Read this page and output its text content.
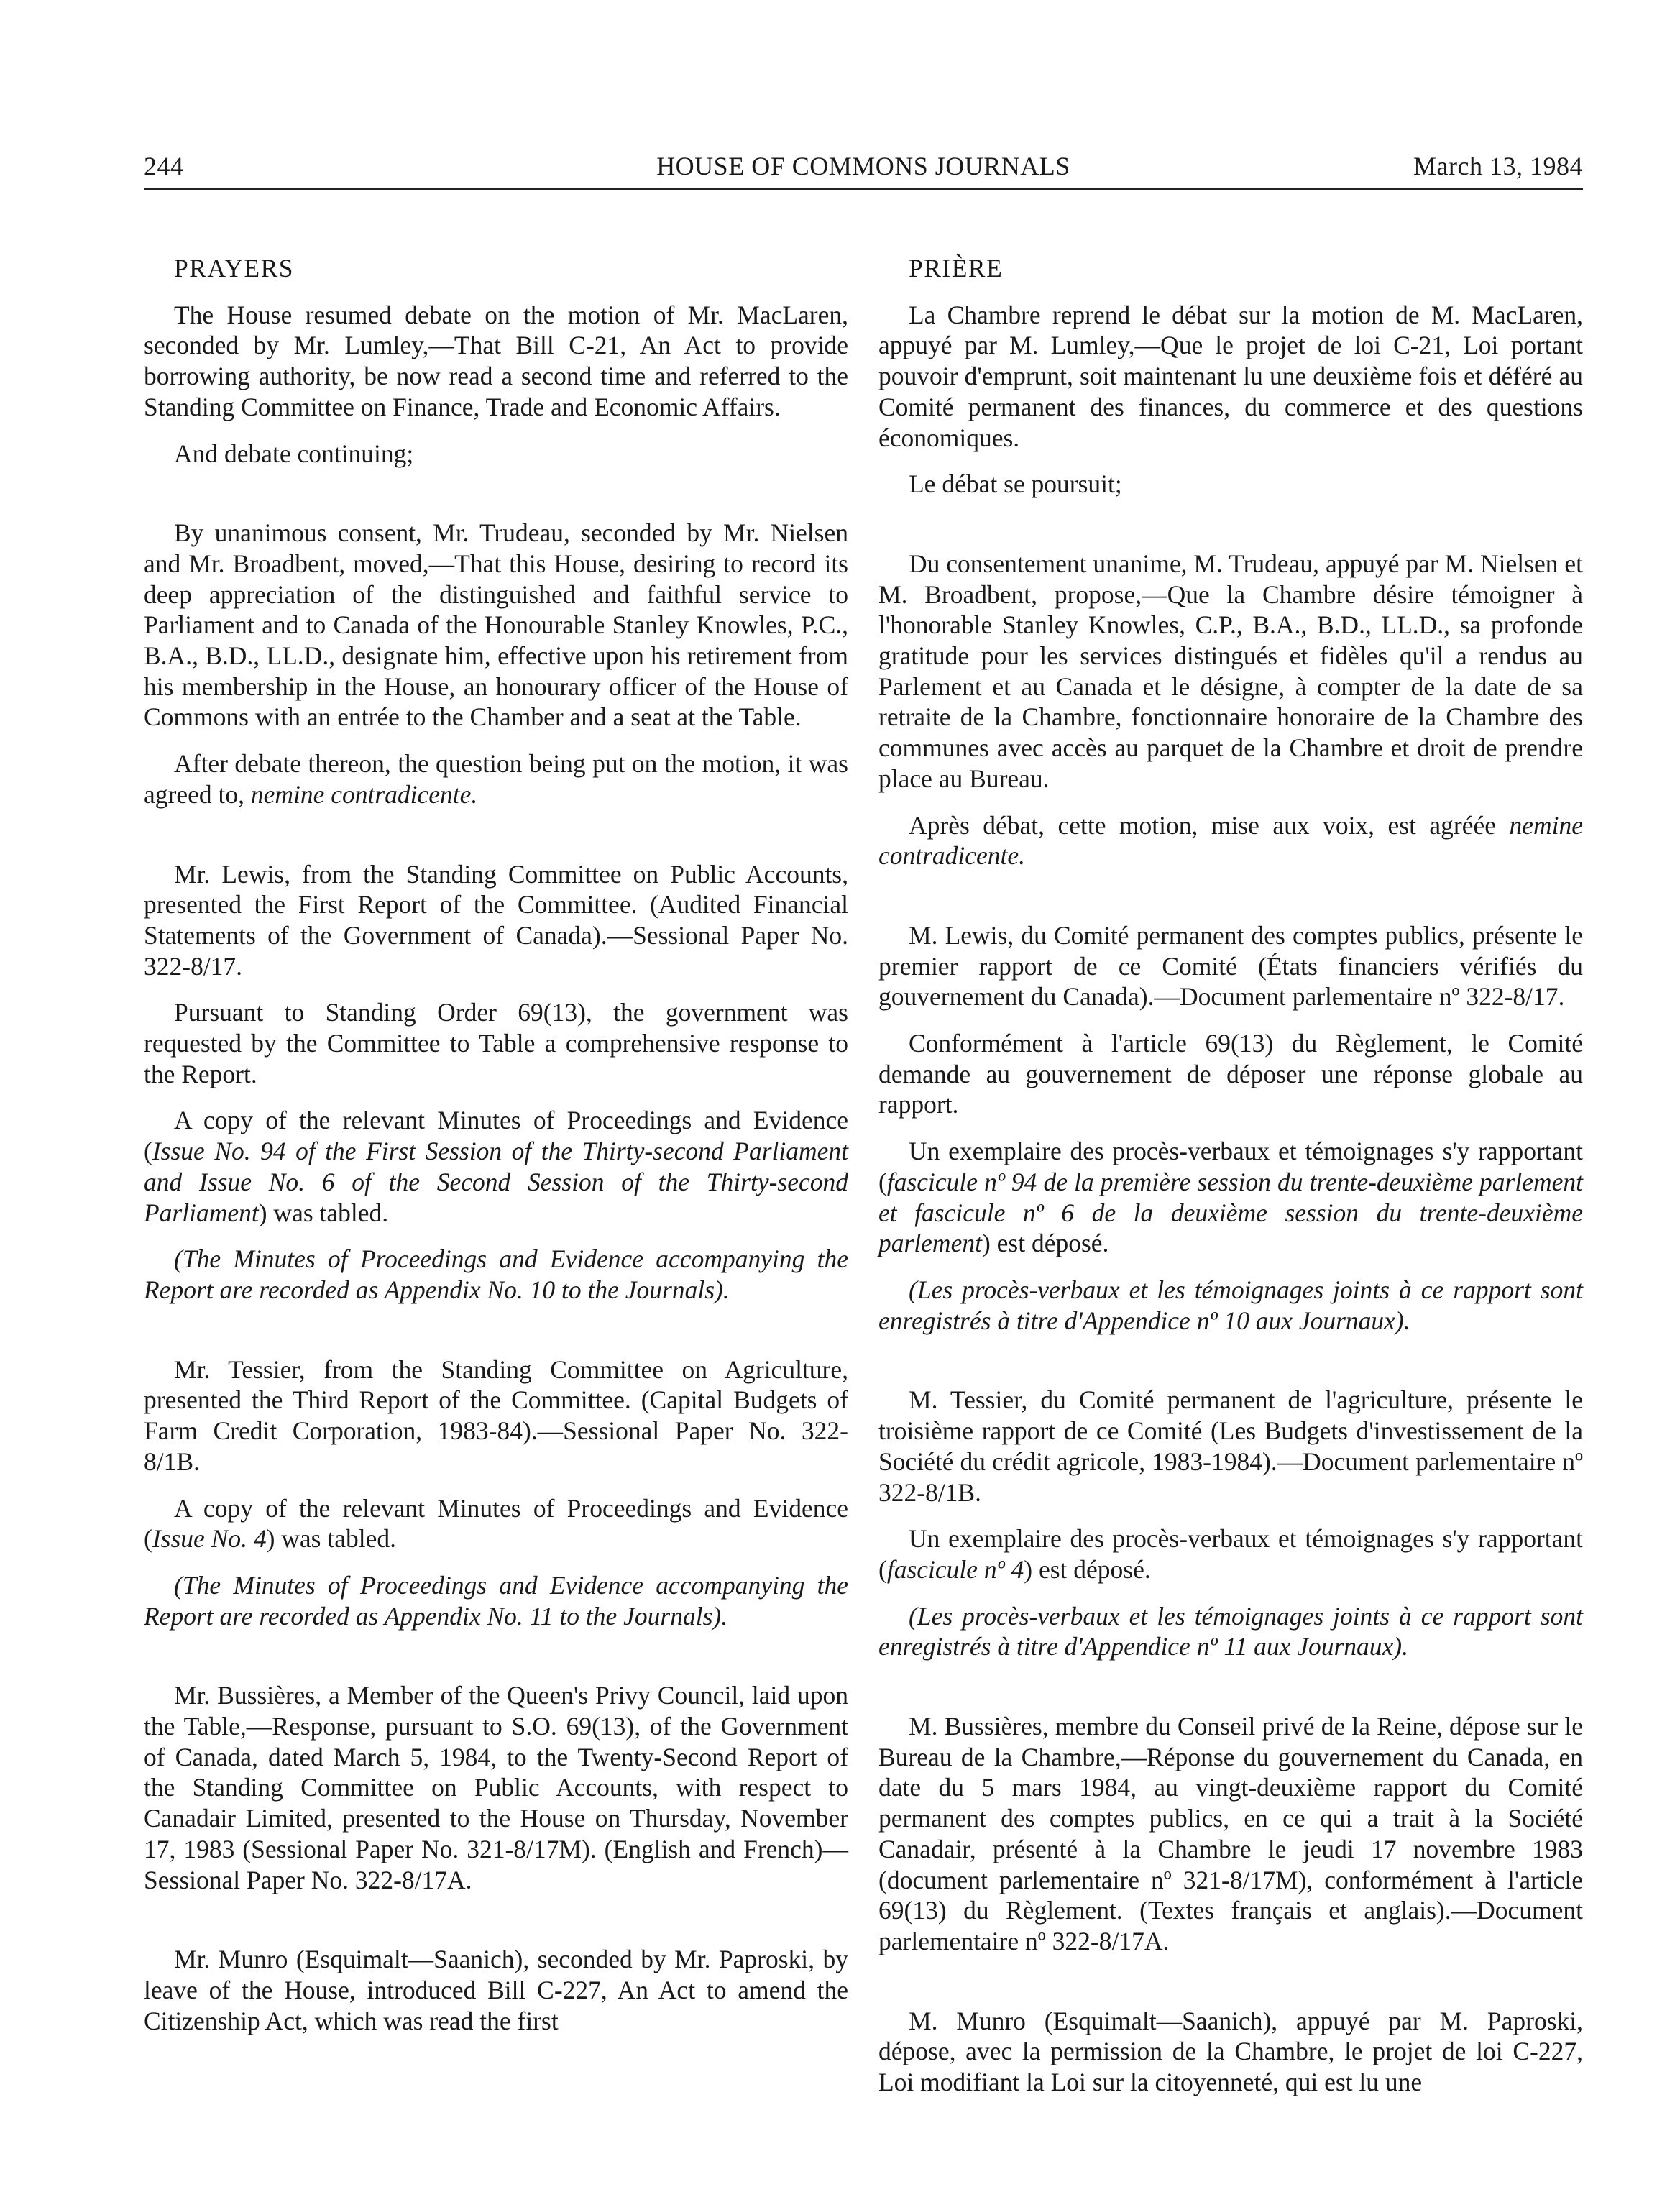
244	HOUSE OF COMMONS JOURNALS	March 13, 1984

PRAYERS

The House resumed debate on the motion of Mr. MacLaren, seconded by Mr. Lumley,—That Bill C-21, An Act to provide borrowing authority, be now read a second time and referred to the Standing Committee on Finance, Trade and Economic Affairs.

And debate continuing;

By unanimous consent, Mr. Trudeau, seconded by Mr. Nielsen and Mr. Broadbent, moved,—That this House, desiring to record its deep appreciation of the distinguished and faithful service to Parliament and to Canada of the Honourable Stanley Knowles, P.C., B.A., B.D., LL.D., designate him, effective upon his retirement from his membership in the House, an honourary officer of the House of Commons with an entrée to the Chamber and a seat at the Table.

After debate thereon, the question being put on the motion, it was agreed to, nemine contradicente.

Mr. Lewis, from the Standing Committee on Public Accounts, presented the First Report of the Committee. (Audited Financial Statements of the Government of Canada).—Sessional Paper No. 322-8/17.

Pursuant to Standing Order 69(13), the government was requested by the Committee to Table a comprehensive response to the Report.

A copy of the relevant Minutes of Proceedings and Evidence (Issue No. 94 of the First Session of the Thirty-second Parliament and Issue No. 6 of the Second Session of the Thirty-second Parliament) was tabled.

(The Minutes of Proceedings and Evidence accompanying the Report are recorded as Appendix No. 10 to the Journals).

Mr. Tessier, from the Standing Committee on Agriculture, presented the Third Report of the Committee. (Capital Budgets of Farm Credit Corporation, 1983-84).—Sessional Paper No. 322-8/1B.

A copy of the relevant Minutes of Proceedings and Evidence (Issue No. 4) was tabled.

(The Minutes of Proceedings and Evidence accompanying the Report are recorded as Appendix No. 11 to the Journals).

Mr. Bussières, a Member of the Queen's Privy Council, laid upon the Table,—Response, pursuant to S.O. 69(13), of the Government of Canada, dated March 5, 1984, to the Twenty-Second Report of the Standing Committee on Public Accounts, with respect to Canadair Limited, presented to the House on Thursday, November 17, 1983 (Sessional Paper No. 321-8/17M). (English and French)—Sessional Paper No. 322-8/17A.

Mr. Munro (Esquimalt—Saanich), seconded by Mr. Paproski, by leave of the House, introduced Bill C-227, An Act to amend the Citizenship Act, which was read the first

PRIÈRE

La Chambre reprend le débat sur la motion de M. MacLaren, appuyé par M. Lumley,—Que le projet de loi C-21, Loi portant pouvoir d'emprunt, soit maintenant lu une deuxième fois et déféré au Comité permanent des finances, du commerce et des questions économiques.

Le débat se poursuit;

Du consentement unanime, M. Trudeau, appuyé par M. Nielsen et M. Broadbent, propose,—Que la Chambre désire témoigner à l'honorable Stanley Knowles, C.P., B.A., B.D., LL.D., sa profonde gratitude pour les services distingués et fidèles qu'il a rendus au Parlement et au Canada et le désigne, à compter de la date de sa retraite de la Chambre, fonctionnaire honoraire de la Chambre des communes avec accès au parquet de la Chambre et droit de prendre place au Bureau.

Après débat, cette motion, mise aux voix, est agréée nemine contradicente.

M. Lewis, du Comité permanent des comptes publics, présente le premier rapport de ce Comité (États financiers vérifiés du gouvernement du Canada).—Document parlementaire nº 322-8/17.

Conformément à l'article 69(13) du Règlement, le Comité demande au gouvernement de déposer une réponse globale au rapport.

Un exemplaire des procès-verbaux et témoignages s'y rapportant (fascicule nº 94 de la première session du trente-deuxième parlement et fascicule nº 6 de la deuxième session du trente-deuxième parlement) est déposé.

(Les procès-verbaux et les témoignages joints à ce rapport sont enregistrés à titre d'Appendice nº 10 aux Journaux).

M. Tessier, du Comité permanent de l'agriculture, présente le troisième rapport de ce Comité (Les Budgets d'investissement de la Société du crédit agricole, 1983-1984).—Document parlementaire nº 322-8/1B.

Un exemplaire des procès-verbaux et témoignages s'y rapportant (fascicule nº 4) est déposé.

(Les procès-verbaux et les témoignages joints à ce rapport sont enregistrés à titre d'Appendice nº 11 aux Journaux).

M. Bussières, membre du Conseil privé de la Reine, dépose sur le Bureau de la Chambre,—Réponse du gouvernement du Canada, en date du 5 mars 1984, au vingt-deuxième rapport du Comité permanent des comptes publics, en ce qui a trait à la Société Canadair, présenté à la Chambre le jeudi 17 novembre 1983 (document parlementaire nº 321-8/17M), conformément à l'article 69(13) du Règlement. (Textes français et anglais).—Document parlementaire nº 322-8/17A.

M. Munro (Esquimalt—Saanich), appuyé par M. Paproski, dépose, avec la permission de la Chambre, le projet de loi C-227, Loi modifiant la Loi sur la citoyenneté, qui est lu une
